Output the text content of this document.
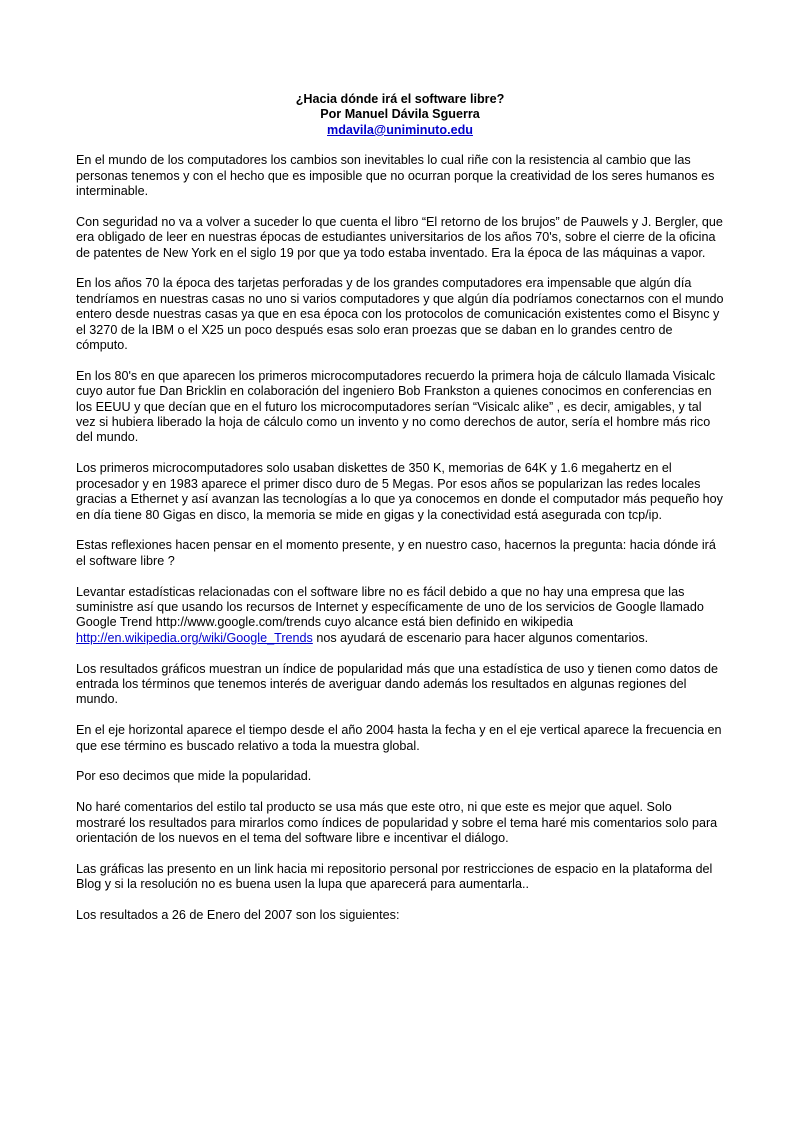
¿Hacia dónde irá el software libre?
Por Manuel Dávila Sguerra
mdavila@uniminuto.edu

En el mundo de los computadores los cambios son inevitables lo cual riñe con la resistencia al cambio que las personas tenemos y con el hecho que es imposible que no ocurran porque la creatividad de los seres humanos es interminable.

Con seguridad no va a volver a suceder lo que cuenta el libro “El retorno de los brujos” de Pauwels y J. Bergler, que era obligado de leer en nuestras épocas de estudiantes universitarios de los años 70's, sobre el cierre de la oficina de patentes de New York en el siglo 19 por que ya todo estaba inventado. Era la época de las máquinas a vapor.

En los años 70 la época des tarjetas perforadas y de los grandes computadores era impensable que algún día tendríamos en nuestras casas no uno si varios computadores y que algún día podríamos conectarnos con el mundo entero desde nuestras casas ya que en esa época con los protocolos de comunicación existentes como el Bisync y el 3270 de la IBM o el X25 un poco después esas solo eran proezas que se daban en lo grandes centro de cómputo.

En los 80's en que aparecen los primeros microcomputadores recuerdo la primera hoja de cálculo llamada Visicalc cuyo autor fue Dan Bricklin en colaboración del ingeniero Bob Frankston a quienes conocimos en conferencias en los EEUU y que decían que en el futuro los microcomputadores serían “Visicalc alike” , es decir, amigables, y tal vez si hubiera liberado la hoja de cálculo como un invento y no como derechos de autor, sería el hombre más rico del mundo.

Los primeros microcomputadores solo usaban diskettes de 350 K, memorias de 64K y 1.6 megahertz en el procesador y en 1983 aparece el primer disco duro de 5 Megas. Por esos años se popularizan las redes locales gracias a Ethernet y así avanzan las tecnologías a lo que ya conocemos en donde el computador más pequeño hoy en día tiene 80 Gigas en disco, la memoria se mide en gigas y la conectividad está asegurada con tcp/ip.

Estas reflexiones hacen pensar en el momento presente, y en nuestro caso, hacernos la pregunta: hacia dónde irá el software libre ?

Levantar estadísticas relacionadas con el software libre no es fácil debido a que no hay una empresa que las suministre así que usando los recursos de Internet y específicamente de uno de los servicios de Google llamado Google Trend http://www.google.com/trends cuyo alcance está bien definido en wikipedia http://en.wikipedia.org/wiki/Google_Trends nos ayudará de escenario para hacer algunos comentarios.

Los resultados gráficos muestran un índice de popularidad más que una estadística de uso y tienen como datos de entrada los términos que tenemos interés de averiguar dando además los resultados en algunas regiones del mundo.

En el eje horizontal aparece el tiempo desde el año 2004 hasta la fecha y en el eje vertical aparece la frecuencia en que ese término es buscado relativo a toda la muestra global.

Por eso decimos que mide la popularidad.

No haré comentarios del estilo tal producto se usa más que este otro, ni que este es mejor que aquel. Solo mostraré los resultados para mirarlos como índices de popularidad y sobre el tema haré mis comentarios solo para orientación de los nuevos en el tema del software libre e incentivar el diálogo.

Las gráficas las presento en un link hacia mi repositorio personal por restricciones de espacio en la plataforma del Blog y si la resolución no es buena usen la lupa que aparecerá para aumentarla..

Los resultados a 26 de Enero del 2007 son los siguientes:
